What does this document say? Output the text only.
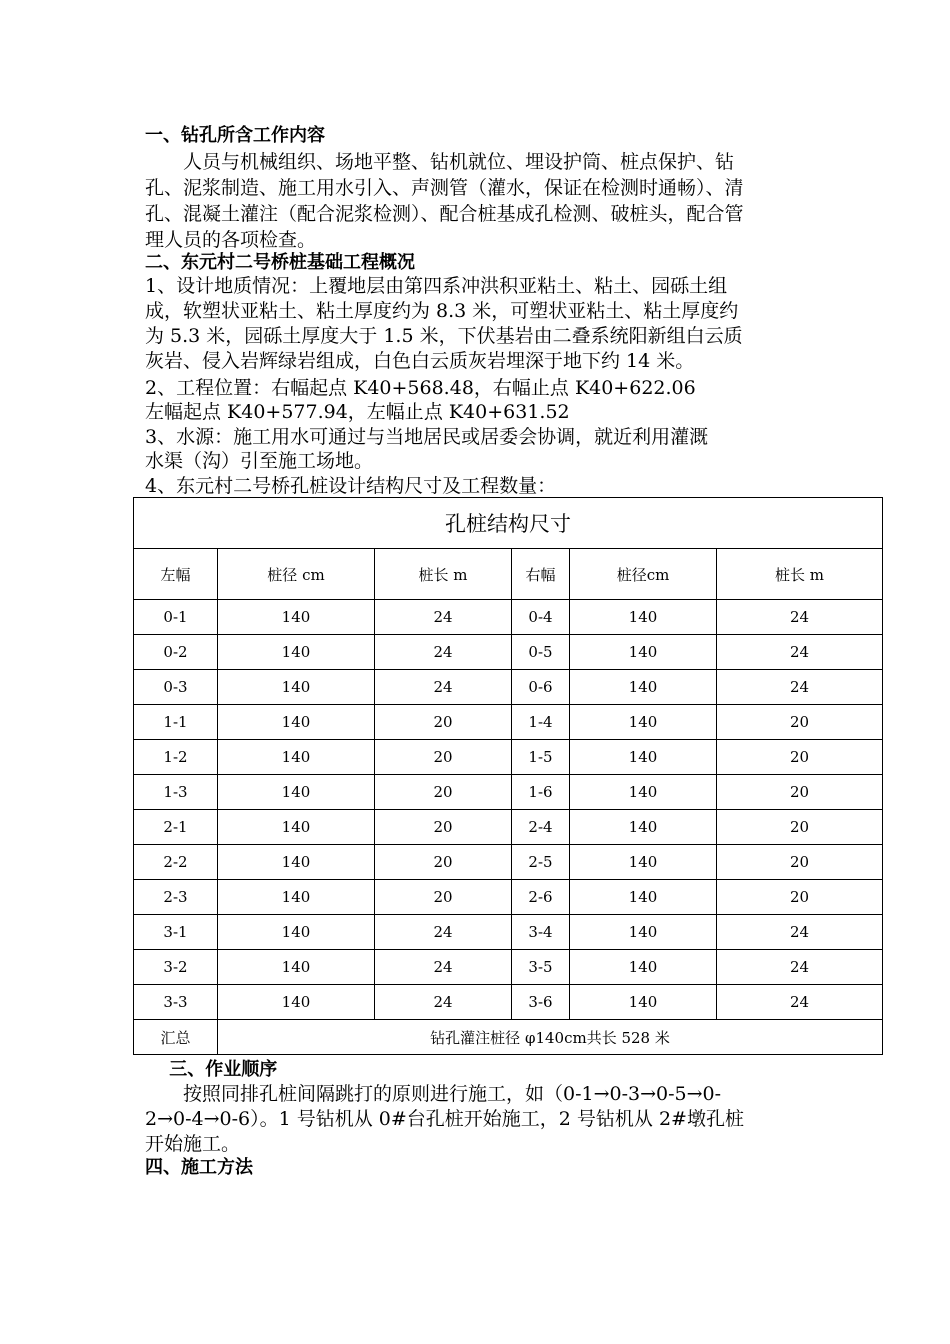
一、钻孔所含工作内容
　　人员与机械组织、场地平整、钻机就位、埋设护筒、桩点保护、钻
孔、泥浆制造、施工用水引入、声测管（灌水，保证在检测时通畅）、清
孔、混凝土灌注（配合泥浆检测）、配合桩基成孔检测、破桩头，配合管
理人员的各项检查。
二、东元村二号桥桩基础工程概况
1、设计地质情况：上覆地层由第四系冲洪积亚粘土、粘土、园砾土组
成，软塑状亚粘土、粘土厚度约为 8.3 米，可塑状亚粘土、粘土厚度约
为 5.3 米，园砾土厚度大于 1.5 米，下伏基岩由二叠系统阳新组白云质
灰岩、侵入岩辉绿岩组成，白色白云质灰岩埋深于地下约 14 米。
2、工程位置：右幅起点 K40+568.48，右幅止点 K40+622.06
左幅起点 K40+577.94，左幅止点 K40+631.52
3、水源：施工用水可通过与当地居民或居委会协调，就近利用灌溉
水渠（沟）引至施工场地。
4、东元村二号桥孔桩设计结构尺寸及工程数量：
孔桩结构尺寸					
左幅	桩径 cm	桩长 m	右幅	桩径cm	桩长 m
0-1	140	24	0-4	140	24
0-2	140	24	0-5	140	24
0-3	140	24	0-6	140	24
1-1	140	20	1-4	140	20
1-2	140	20	1-5	140	20
1-3	140	20	1-6	140	20
2-1	140	20	2-4	140	20
2-2	140	20	2-5	140	20
2-3	140	20	2-6	140	20
3-1	140	24	3-4	140	24
3-2	140	24	3-5	140	24
3-3	140	24	3-6	140	24
汇总	钻孔灌注桩径 φ140cm共长 528 米				
　 三、作业顺序
　　按照同排孔桩间隔跳打的原则进行施工，如（0-1→0-3→0-5→0-
2→0-4→0-6）。1 号钻机从 0#台孔桩开始施工，2 号钻机从 2#墩孔桩
开始施工。
四、施工方法
